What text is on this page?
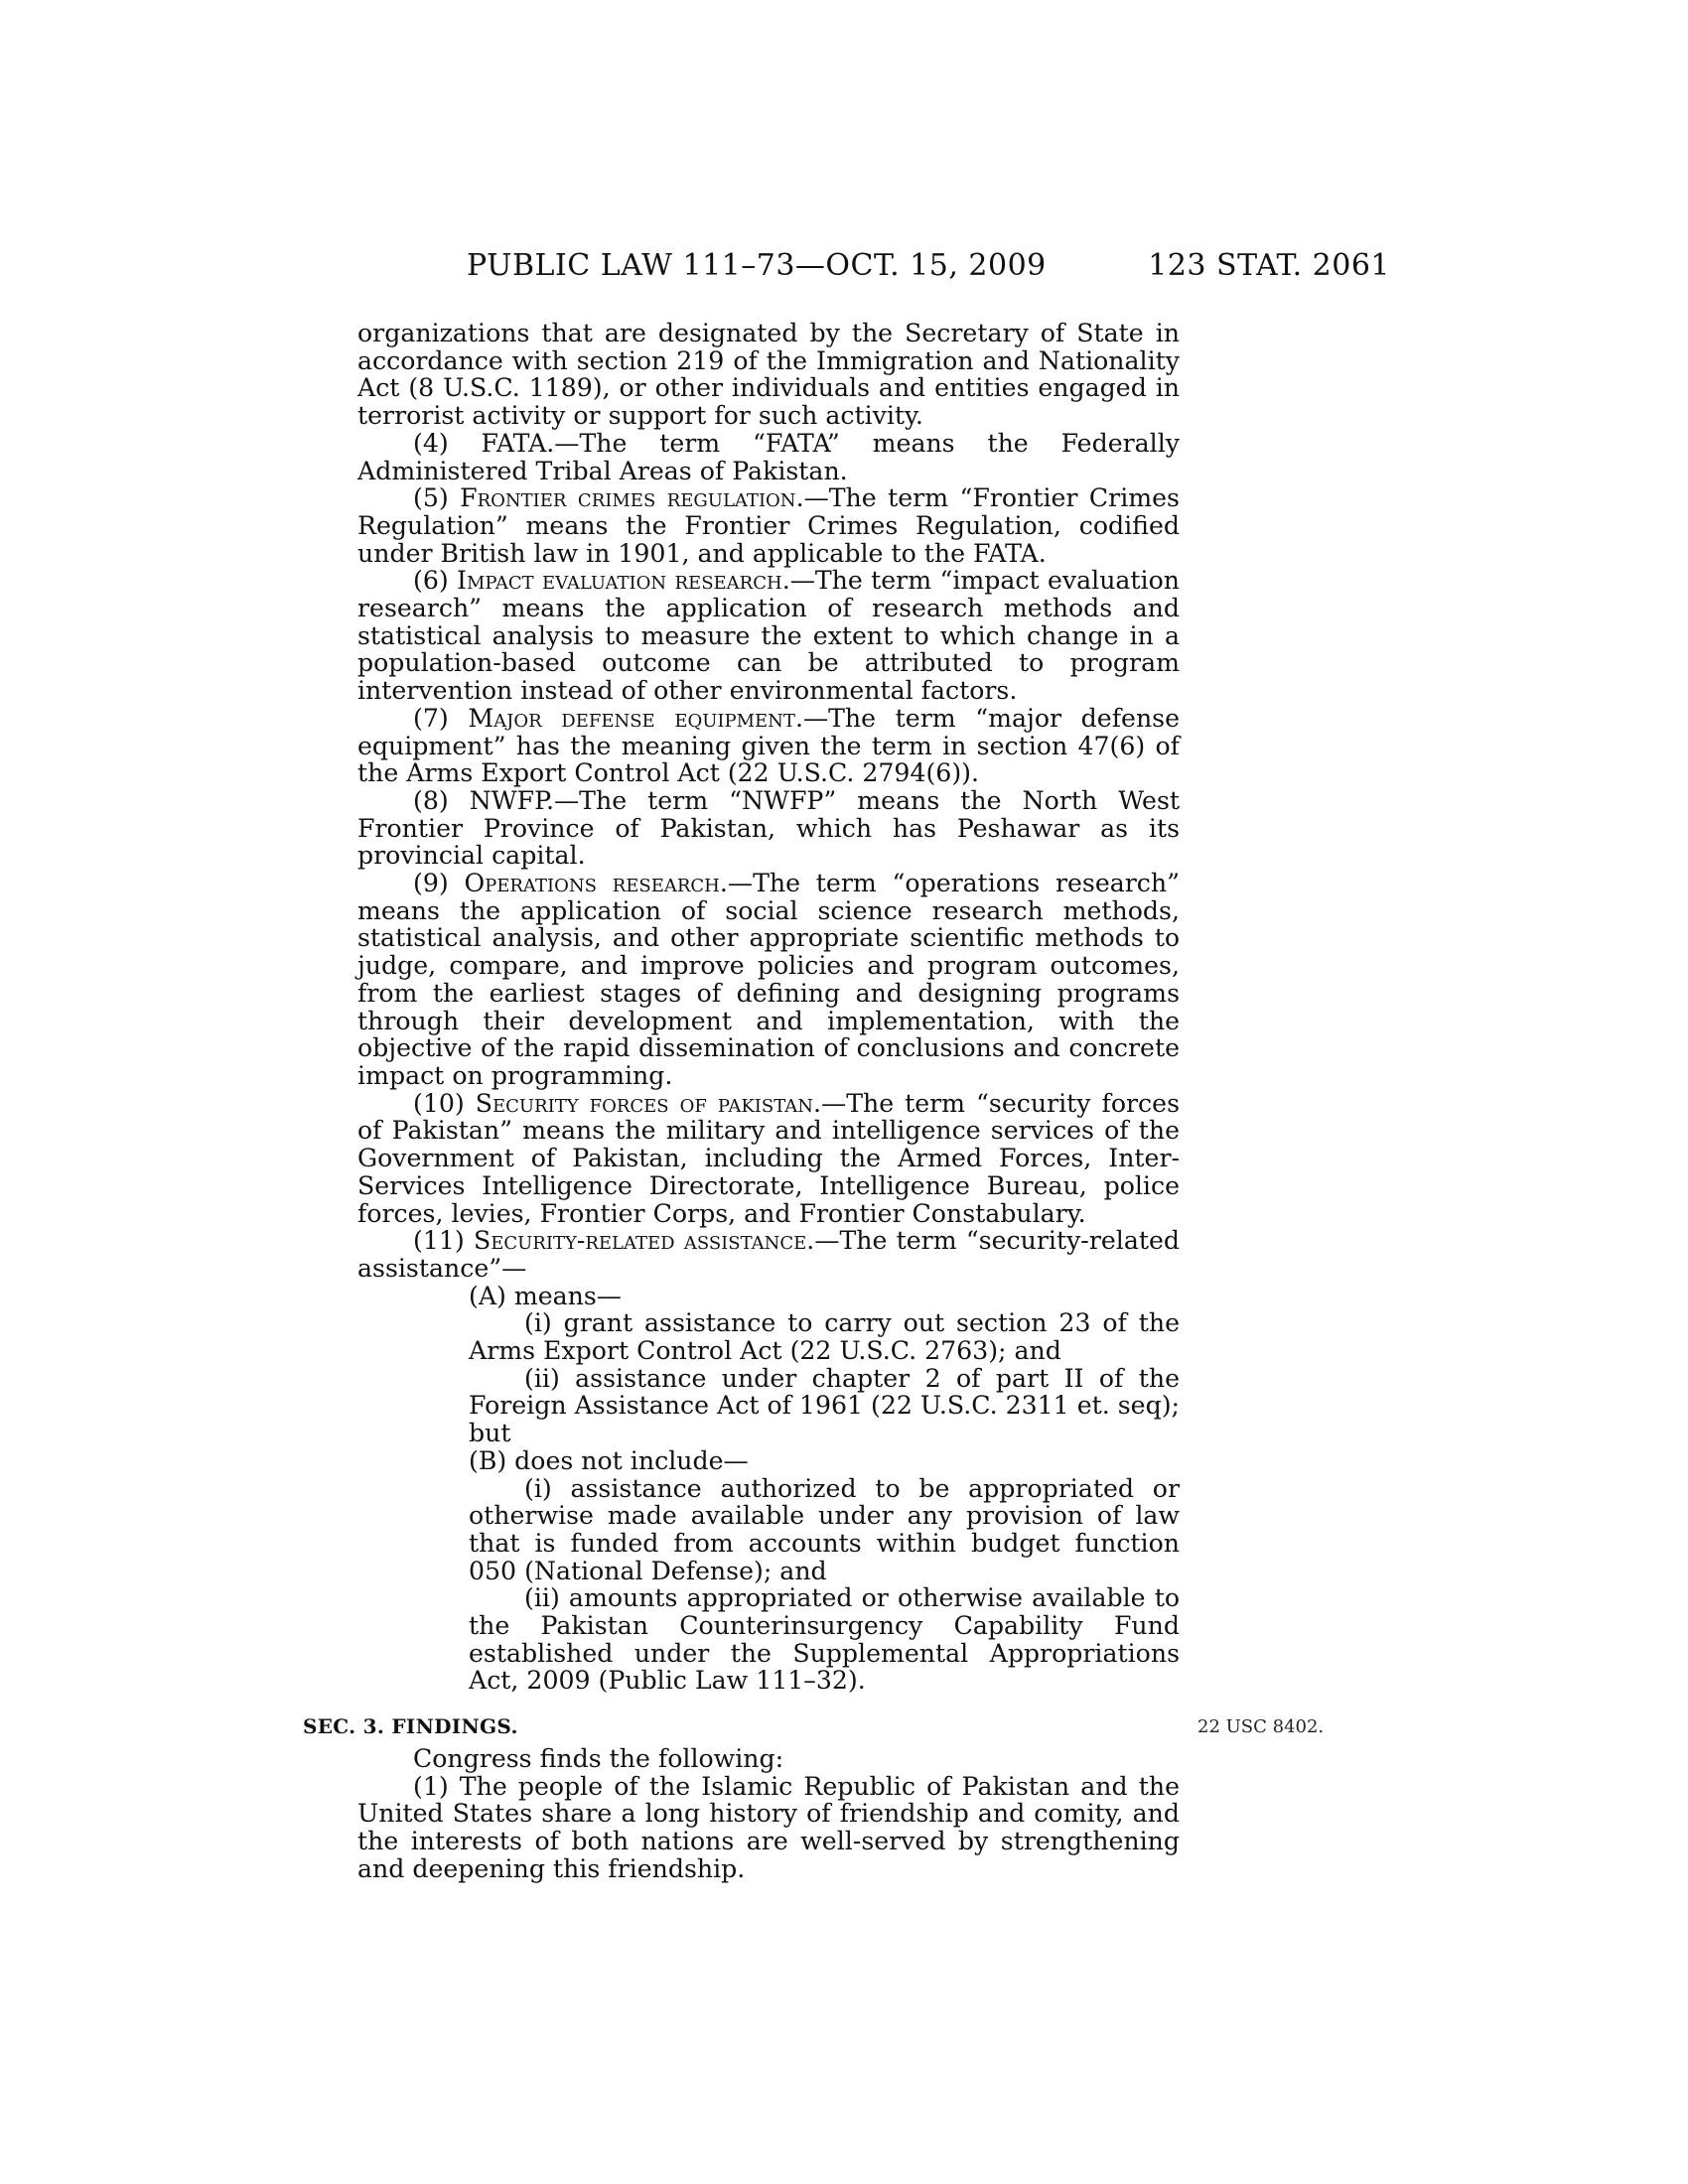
PUBLIC LAW 111–73—OCT. 15, 2009	123 STAT. 2061

organizations that are designated by the Secretary of State in accordance with section 219 of the Immigration and Nationality Act (8 U.S.C. 1189), or other individuals and entities engaged in terrorist activity or support for such activity.

(4) FATA.—The term “FATA” means the Federally Administered Tribal Areas of Pakistan.

(5) Frontier crimes regulation.—The term “Frontier Crimes Regulation” means the Frontier Crimes Regulation, codified under British law in 1901, and applicable to the FATA.

(6) Impact evaluation research.—The term “impact evaluation research” means the application of research methods and statistical analysis to measure the extent to which change in a population-based outcome can be attributed to program intervention instead of other environmental factors.

(7) Major defense equipment.—The term “major defense equipment” has the meaning given the term in section 47(6) of the Arms Export Control Act (22 U.S.C. 2794(6)).

(8) NWFP.—The term “NWFP” means the North West Frontier Province of Pakistan, which has Peshawar as its provincial capital.

(9) Operations research.—The term “operations research” means the application of social science research methods, statistical analysis, and other appropriate scientific methods to judge, compare, and improve policies and program outcomes, from the earliest stages of defining and designing programs through their development and implementation, with the objective of the rapid dissemination of conclusions and concrete impact on programming.

(10) Security forces of pakistan.—The term “security forces of Pakistan” means the military and intelligence services of the Government of Pakistan, including the Armed Forces, Inter-Services Intelligence Directorate, Intelligence Bureau, police forces, levies, Frontier Corps, and Frontier Constabulary.

(11) Security-related assistance.—The term “security-related assistance”—

(A) means—

(i) grant assistance to carry out section 23 of the Arms Export Control Act (22 U.S.C. 2763); and

(ii) assistance under chapter 2 of part II of the Foreign Assistance Act of 1961 (22 U.S.C. 2311 et. seq); but

(B) does not include—

(i) assistance authorized to be appropriated or otherwise made available under any provision of law that is funded from accounts within budget function 050 (National Defense); and

(ii) amounts appropriated or otherwise available to the Pakistan Counterinsurgency Capability Fund established under the Supplemental Appropriations Act, 2009 (Public Law 111–32).

SEC. 3. FINDINGS.	22 USC 8402.

Congress finds the following:

(1) The people of the Islamic Republic of Pakistan and the United States share a long history of friendship and comity, and the interests of both nations are well-served by strengthening and deepening this friendship.
